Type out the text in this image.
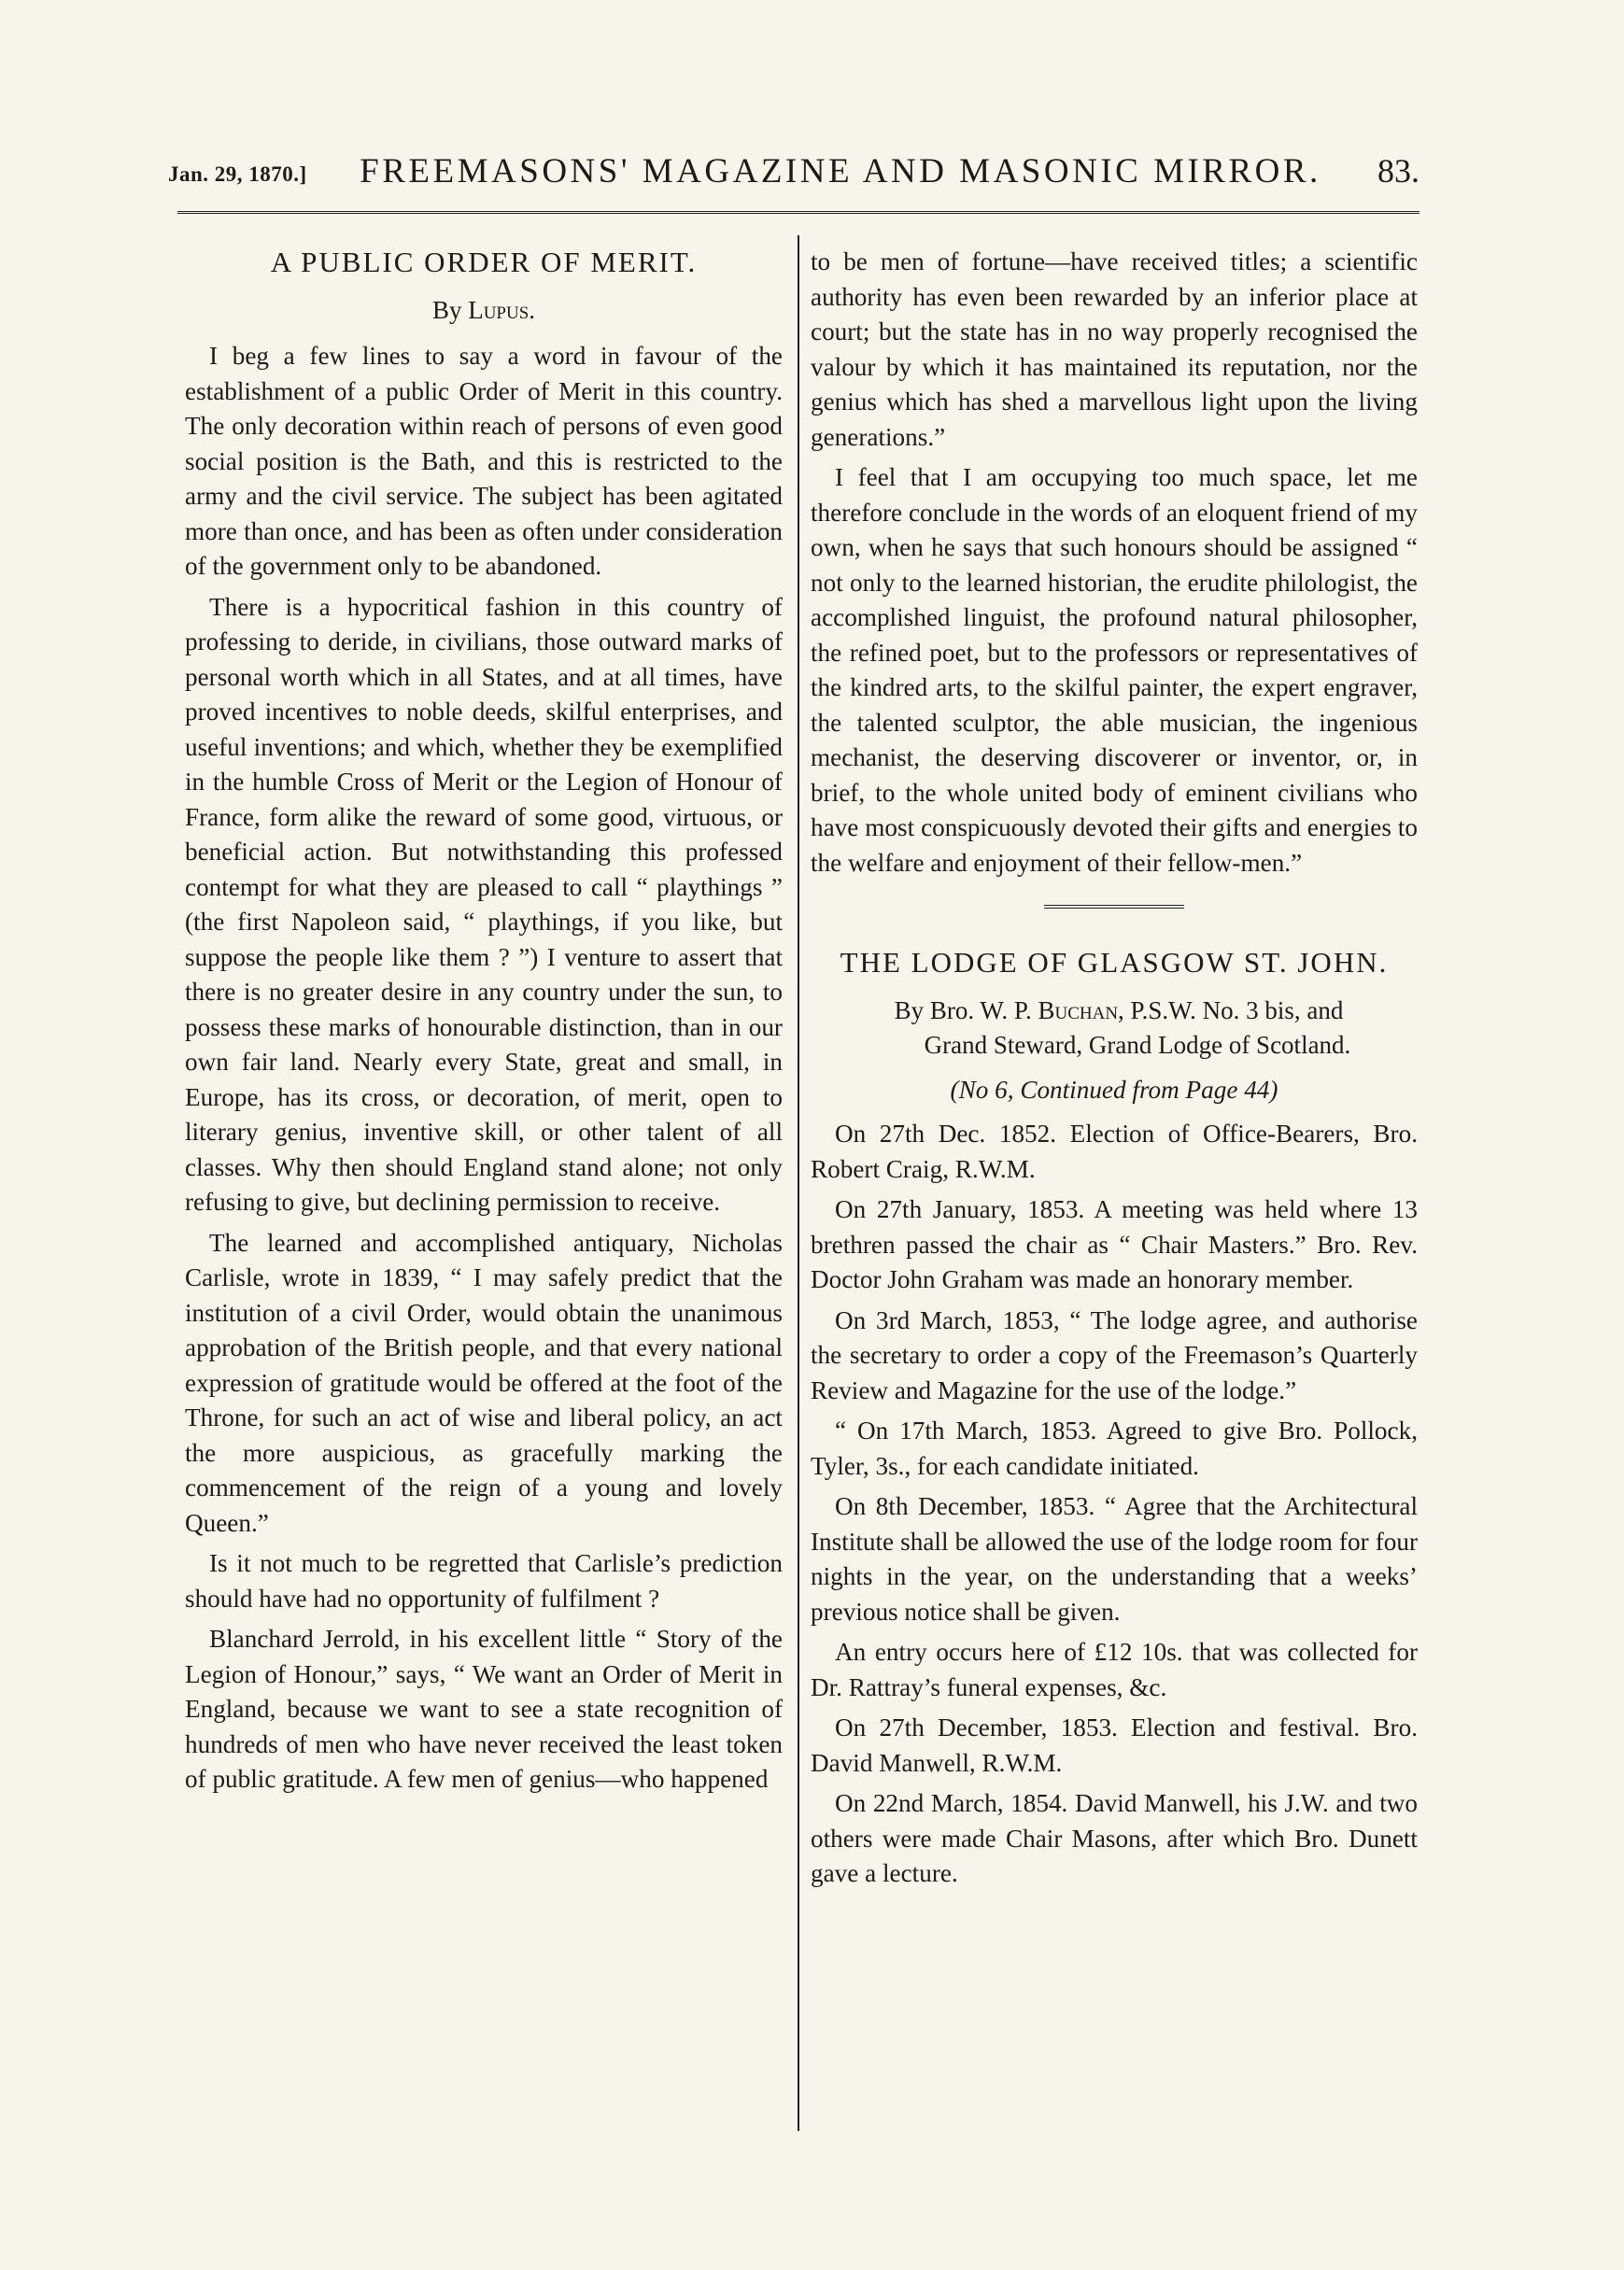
Jan. 29, 1870.] FREEMASONS' MAGAZINE AND MASONIC MIRROR. 83.
A PUBLIC ORDER OF MERIT.
By Lupus.

I beg a few lines to say a word in favour of the establishment of a public Order of Merit in this country. The only decoration within reach of persons of even good social position is the Bath, and this is restricted to the army and the civil service. The subject has been agitated more than once, and has been as often under consideration of the government only to be abandoned.

There is a hypocritical fashion in this country of professing to deride, in civilians, those outward marks of personal worth which in all States, and at all times, have proved incentives to noble deeds, skilful enterprises, and useful inventions; and which, whether they be exemplified in the humble Cross of Merit or the Legion of Honour of France, form alike the reward of some good, virtuous, or beneficial action. But notwithstanding this professed contempt for what they are pleased to call “ playthings ” (the first Napoleon said, “ playthings, if you like, but suppose the people like them ? ”) I venture to assert that there is no greater desire in any country under the sun, to possess these marks of honourable distinction, than in our own fair land. Nearly every State, great and small, in Europe, has its cross, or decoration, of merit, open to literary genius, inventive skill, or other talent of all classes. Why then should England stand alone; not only refusing to give, but declining permission to receive.

The learned and accomplished antiquary, Nicholas Carlisle, wrote in 1839, “ I may safely predict that the institution of a civil Order, would obtain the unanimous approbation of the British people, and that every national expression of gratitude would be offered at the foot of the Throne, for such an act of wise and liberal policy, an act the more auspicious, as gracefully marking the commencement of the reign of a young and lovely Queen.”

Is it not much to be regretted that Carlisle’s prediction should have had no opportunity of fulfilment ?

Blanchard Jerrold, in his excellent little “ Story of the Legion of Honour,” says, “ We want an Order of Merit in England, because we want to see a state recognition of hundreds of men who have never received the least token of public gratitude. A few men of genius—who happened

to be men of fortune—have received titles; a scientific authority has even been rewarded by an inferior place at court; but the state has in no way properly recognised the valour by which it has maintained its reputation, nor the genius which has shed a marvellous light upon the living generations.”

I feel that I am occupying too much space, let me therefore conclude in the words of an eloquent friend of my own, when he says that such honours should be assigned “ not only to the learned historian, the erudite philologist, the accomplished linguist, the profound natural philosopher, the refined poet, but to the professors or representatives of the kindred arts, to the skilful painter, the expert engraver, the talented sculptor, the able musician, the ingenious mechanist, the deserving discoverer or inventor, or, in brief, to the whole united body of eminent civilians who have most conspicuously devoted their gifts and energies to the welfare and enjoyment of their fellow-men.”

THE LODGE OF GLASGOW ST. JOHN.
By Bro. W. P. Buchan, P.S.W. No. 3 bis, and
Grand Steward, Grand Lodge of Scotland.
(No 6, Continued from Page 44)

On 27th Dec. 1852. Election of Office-Bearers, Bro. Robert Craig, R.W.M.

On 27th January, 1853. A meeting was held where 13 brethren passed the chair as “ Chair Masters.” Bro. Rev. Doctor John Graham was made an honorary member.

On 3rd March, 1853, “ The lodge agree, and authorise the secretary to order a copy of the Freemason’s Quarterly Review and Magazine for the use of the lodge.”

“ On 17th March, 1853. Agreed to give Bro. Pollock, Tyler, 3s., for each candidate initiated.

On 8th December, 1853. “ Agree that the Architectural Institute shall be allowed the use of the lodge room for four nights in the year, on the understanding that a weeks’ previous notice shall be given.

An entry occurs here of £12 10s. that was collected for Dr. Rattray’s funeral expenses, &c.

On 27th December, 1853. Election and festival. Bro. David Manwell, R.W.M.

On 22nd March, 1854. David Manwell, his J.W. and two others were made Chair Masons, after which Bro. Dunett gave a lecture.
